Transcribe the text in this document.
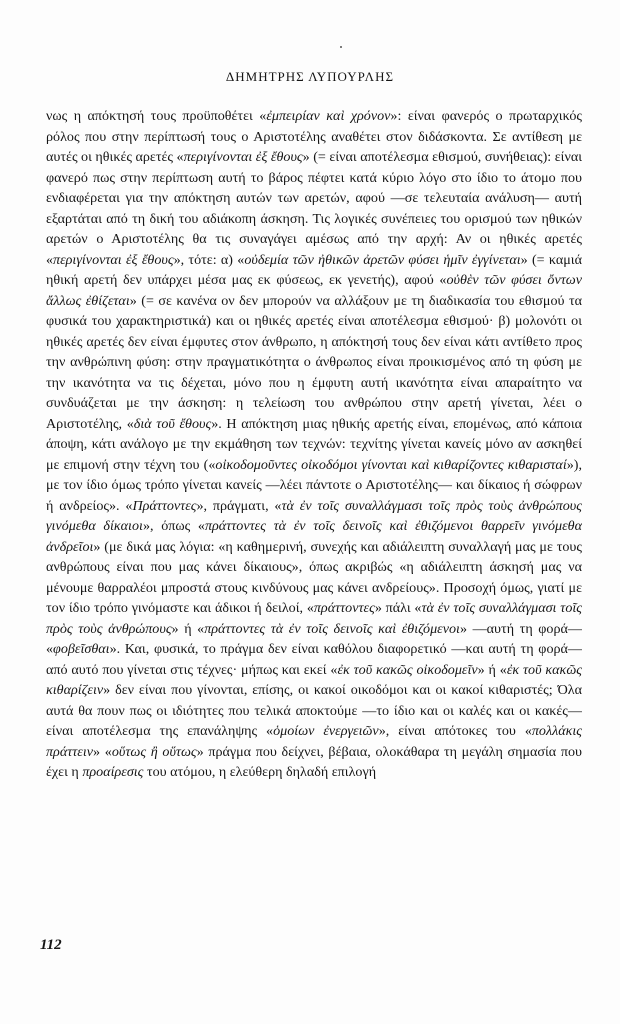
ΔΗΜΗΤΡΗΣ ΛΥΠΟΥΡΛΗΣ

νως η απόκτησή τους προϋποθέτει «ἐμπειρίαν καὶ χρόνον»: είναι φανερός ο πρωταρχικός ρόλος που στην περίπτωσή τους ο Αριστοτέλης αναθέτει στον διδάσκοντα. Σε αντίθεση με αυτές οι ηθικές αρετές «περιγίνονται ἐξ ἔθους» (= είναι αποτέλεσμα εθισμού, συνήθειας): είναι φανερό πως στην περίπτωση αυτή το βάρος πέφτει κατά κύριο λόγο στο ίδιο το άτομο που ενδιαφέρεται για την απόκτηση αυτών των αρετών, αφού —σε τελευταία ανάλυση— αυτή εξαρτάται από τη δική του αδιάκοπη άσκηση. Τις λογικές συνέπειες του ορισμού των ηθικών αρετών ο Αριστοτέλης θα τις συναγάγει αμέσως από την αρχή: Αν οι ηθικές αρετές «περιγίνονται ἐξ ἔθους», τότε: α) «οὐδεμία τῶν ἠθικῶν ἀρετῶν φύσει ἡμῖν ἐγγίνεται» (= καμιά ηθική αρετή δεν υπάρχει μέσα μας εκ φύσεως, εκ γενετής), αφού «οὐθὲν τῶν φύσει ὄντων ἄλλως ἐθίζεται» (= σε κανένα ον δεν μπορούν να αλλάξουν με τη διαδικασία του εθισμού τα φυσικά του χαρακτηριστικά) και οι ηθικές αρετές είναι αποτέλεσμα εθισμού· β) μολονότι οι ηθικές αρετές δεν είναι έμφυτες στον άνθρωπο, η απόκτησή τους δεν είναι κάτι αντίθετο προς την ανθρώπινη φύση: στην πραγματικότητα ο άνθρωπος είναι προικισμένος από τη φύση με την ικανότητα να τις δέχεται, μόνο που η έμφυτη αυτή ικανότητα είναι απαραίτητο να συνδυάζεται με την άσκηση: η τελείωση του ανθρώπου στην αρετή γίνεται, λέει ο Αριστοτέλης, «διὰ τοῦ ἔθους». Η απόκτηση μιας ηθικής αρετής είναι, επομένως, από κάποια άποψη, κάτι ανάλογο με την εκμάθηση των τεχνών: τεχνίτης γίνεται κανείς μόνο αν ασκηθεί με επιμονή στην τέχνη του («οἰκοδομοῦντες οἰκοδόμοι γίνονται καὶ κιθαρίζοντες κιθαρισταί»), με τον ίδιο όμως τρόπο γίνεται κανείς —λέει πάντοτε ο Αριστοτέλης— και δίκαιος ή σώφρων ή ανδρείος». «Πράττοντες», πράγματι, «τὰ ἐν τοῖς συναλλάγμασι τοῖς πρὸς τοὺς ἀνθρώπους γινόμεθα δίκαιοι», όπως «πράττοντες τὰ ἐν τοῖς δεινοῖς καὶ ἐθιζόμενοι θαρρεῖν γινόμεθα ἀνδρεῖοι» (με δικά μας λόγια: «η καθημερινή, συνεχής και αδιάλειπτη συναλλαγή μας με τους ανθρώπους είναι που μας κάνει δίκαιους», όπως ακριβώς «η αδιάλειπτη άσκησή μας να μένουμε θαρραλέοι μπροστά στους κινδύνους μας κάνει ανδρείους». Προσοχή όμως, γιατί με τον ίδιο τρόπο γινόμαστε και άδικοι ή δειλοί, «πράττοντες» πάλι «τὰ ἐν τοῖς συναλλάγμασι τοῖς πρὸς τοὺς ἀνθρώπους» ή «πράττοντες τὰ ἐν τοῖς δεινοῖς καὶ ἐθιζόμενοι» —αυτή τη φορά— «φοβεῖσθαι». Και, φυσικά, το πράγμα δεν είναι καθόλου διαφορετικό —και αυτή τη φορά— από αυτό που γίνεται στις τέχνες· μήπως και εκεί «ἐκ τοῦ κακῶς οἰκοδομεῖν» ή «ἐκ τοῦ κακῶς κιθαρίζειν» δεν είναι που γίνονται, επίσης, οι κακοί οικοδόμοι και οι κακοί κιθαριστές; Όλα αυτά θα πουν πως οι ιδιότητες που τελικά αποκτούμε —το ίδιο και οι καλές και οι κακές— είναι αποτέλεσμα της επανάληψης «ὁμοίων ἐνεργειῶν», είναι απότοκες του «πολλάκις πράττειν» «οὕτως ἢ οὕτως» πράγμα που δείχνει, βέβαια, ολοκάθαρα τη μεγάλη σημασία που έχει η προαίρεσις του ατόμου, η ελεύθερη δηλαδή επιλογή

112
